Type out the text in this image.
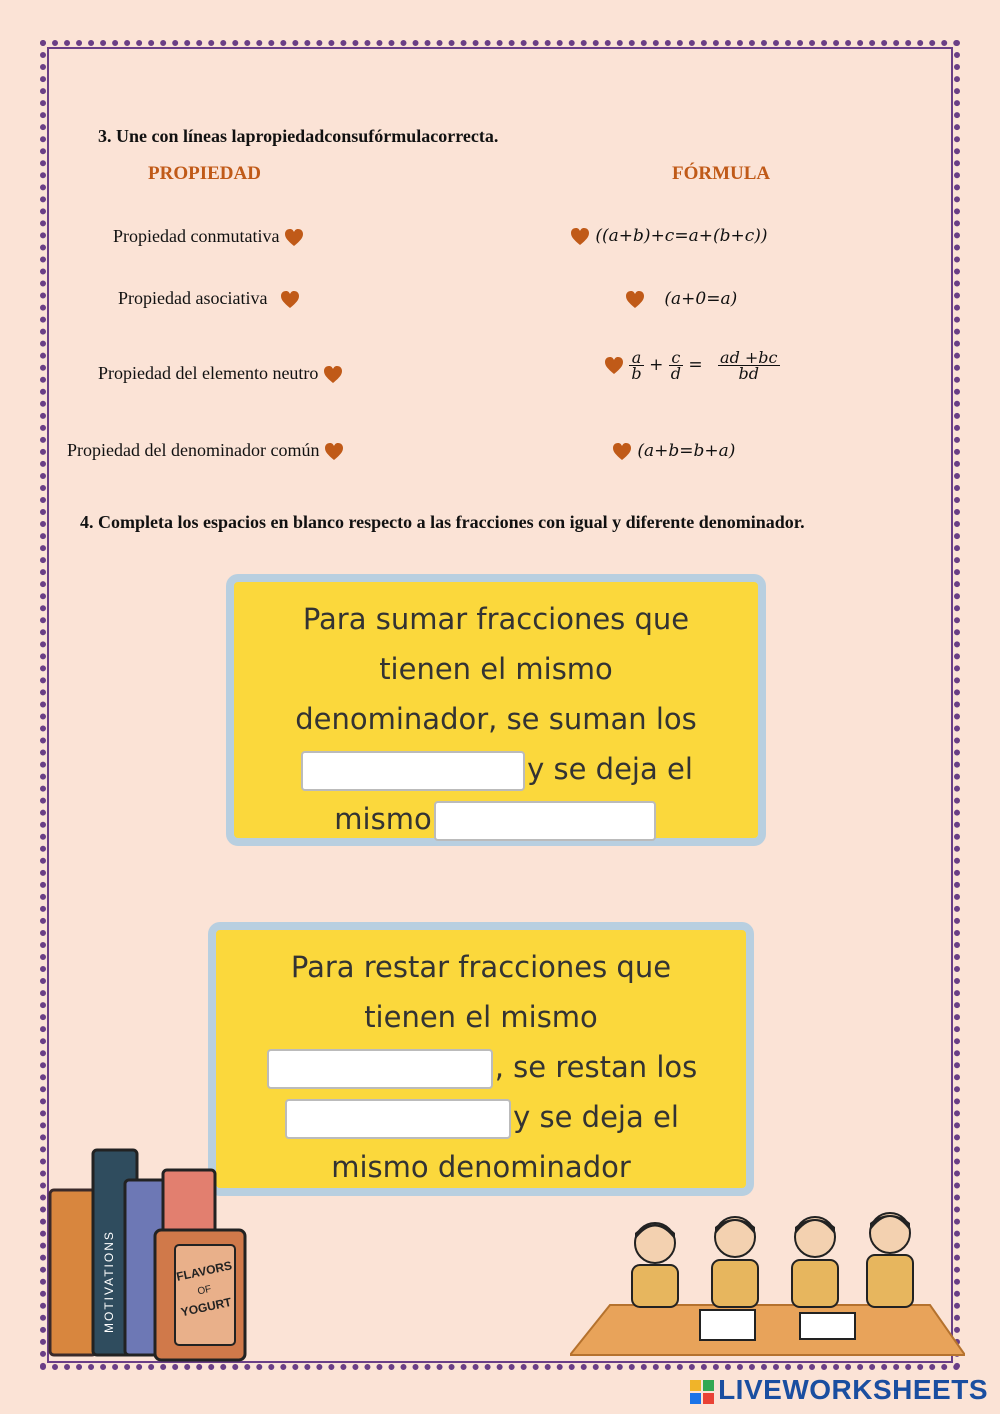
3. Une con líneas lapropiedadconsufórmulacorrecta.
PROPIEDAD	FÓRMULA
Propiedad conmutativa
Propiedad asociativa
Propiedad del elemento neutro
Propiedad del denominador común
((a+b)+c=a+(b+c))
(a+0=a)

$\frac{a}{b} + \frac{c}{d} = \frac{ad +bc}{bd}$
(a+b=b+a)
4. Completa los espacios en blanco respecto a las fracciones con igual y diferente denominador.
Para sumar fracciones que
tienen el mismo
denominador, se suman los
y se deja el
mismo
Para restar fracciones que
tienen el mismo
, se restan los
y se deja el
mismo denominador
MOTIVATIONS	FLAVORS
OF
YOGURT
LIVEWORKSHEETS
